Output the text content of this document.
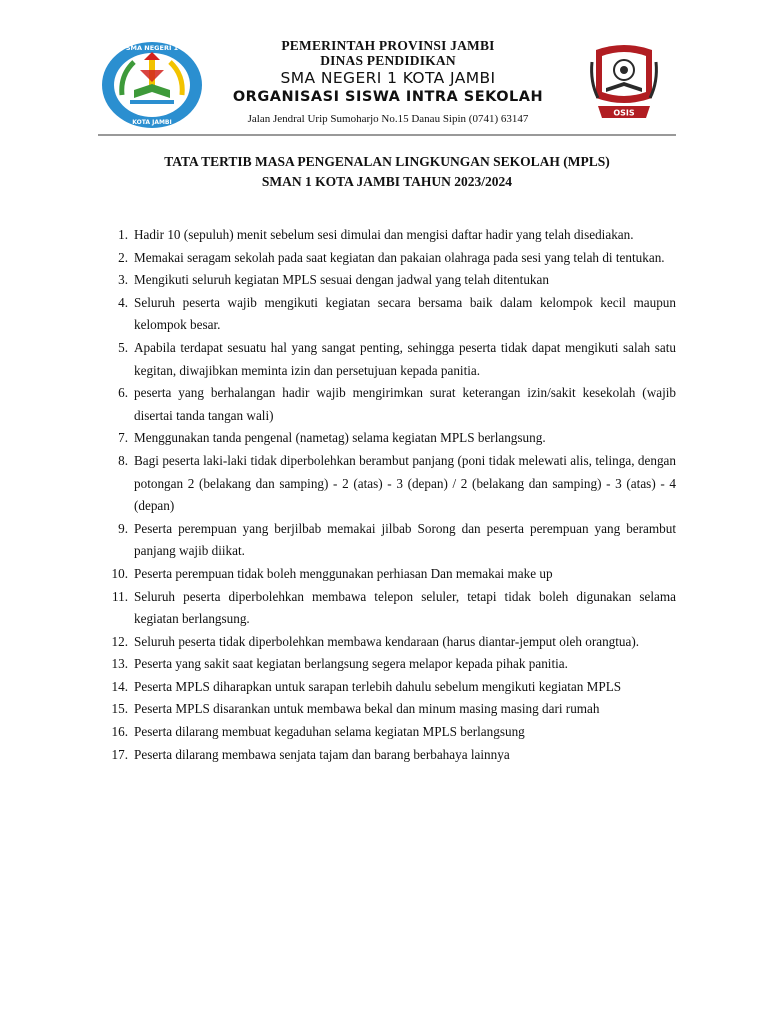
SMA NEGERI 1
KOTA JAMBI
PEMERINTAH PROVINSI JAMBI
DINAS PENDIDIKAN
SMA NEGERI 1 KOTA JAMBI
ORGANISASI SISWA INTRA SEKOLAH
Jalan Jendral Urip Sumoharjo No.15 Danau Sipin (0741) 63147	OSIS
TATA TERTIB MASA PENGENALAN LINGKUNGAN SEKOLAH (MPLS)
SMAN 1 KOTA JAMBI TAHUN 2023/2024
1. Hadir 10 (sepuluh) menit sebelum sesi dimulai dan mengisi daftar hadir yang telah disediakan.
2. Memakai seragam sekolah pada saat kegiatan dan pakaian olahraga pada sesi yang telah di tentukan.
3. Mengikuti seluruh kegiatan MPLS sesuai dengan jadwal yang telah ditentukan
4. Seluruh peserta wajib mengikuti kegiatan secara bersama baik dalam kelompok kecil maupun kelompok besar.
5. Apabila terdapat sesuatu hal yang sangat penting, sehingga peserta tidak dapat mengikuti salah satu kegitan, diwajibkan meminta izin dan persetujuan kepada panitia.
6. peserta yang berhalangan hadir wajib mengirimkan surat keterangan izin/sakit kesekolah (wajib disertai tanda tangan wali)
7. Menggunakan tanda pengenal (nametag) selama kegiatan MPLS berlangsung.
8. Bagi peserta laki-laki tidak diperbolehkan berambut panjang (poni tidak melewati alis, telinga, dengan potongan 2 (belakang dan samping) - 2 (atas) - 3 (depan) / 2 (belakang dan samping) - 3 (atas) - 4 (depan)
9. Peserta perempuan yang berjilbab memakai jilbab Sorong dan peserta perempuan yang berambut panjang wajib diikat.
10. Peserta perempuan tidak boleh menggunakan perhiasan Dan memakai make up
11. Seluruh peserta diperbolehkan membawa telepon seluler, tetapi tidak boleh digunakan selama kegiatan berlangsung.
12. Seluruh peserta tidak diperbolehkan membawa kendaraan (harus diantar-jemput oleh orangtua).
13. Peserta yang sakit saat kegiatan berlangsung segera melapor kepada pihak panitia.
14. Peserta MPLS diharapkan untuk sarapan terlebih dahulu sebelum mengikuti kegiatan MPLS
15. Peserta MPLS disarankan untuk membawa bekal dan minum masing masing dari rumah
16. Peserta dilarang membuat kegaduhan selama kegiatan MPLS berlangsung
17. Peserta dilarang membawa senjata tajam dan barang berbahaya lainnya
